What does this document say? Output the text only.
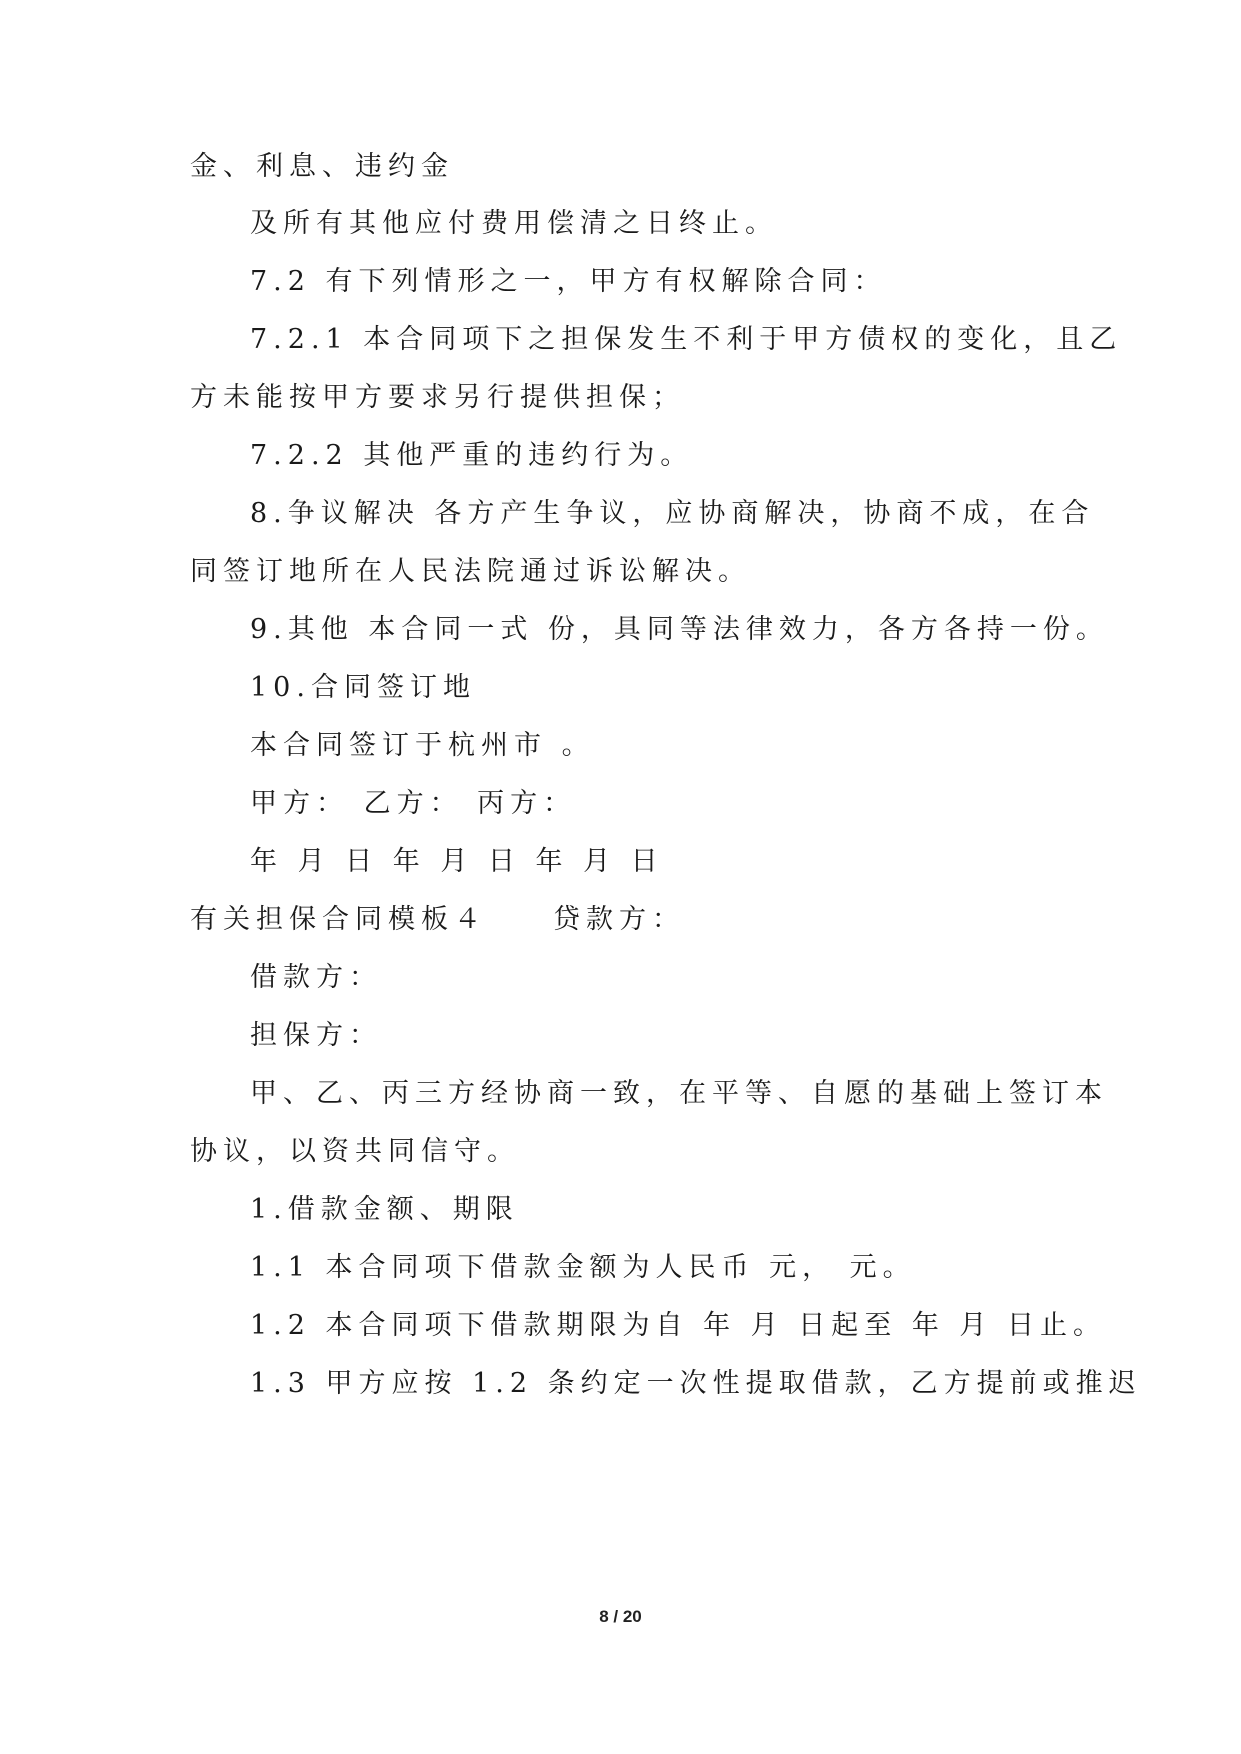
金、利息、违约金
及所有其他应付费用偿清之日终止。
7.2 有下列情形之一，甲方有权解除合同：
7.2.1 本合同项下之担保发生不利于甲方债权的变化，且乙
方未能按甲方要求另行提供担保；
7.2.2 其他严重的违约行为。
8.争议解决 各方产生争议，应协商解决，协商不成，在合
同签订地所在人民法院通过诉讼解决。
9.其他 本合同一式 份，具同等法律效力，各方各持一份。
10.合同签订地
本合同签订于杭州市 。
甲方： 乙方： 丙方：
年 月 日 年 月 日 年 月 日
有关担保合同模板４　　贷款方：
借款方：
担保方：
甲、乙、丙三方经协商一致，在平等、自愿的基础上签订本
协议，以资共同信守。
1.借款金额、期限
1.1 本合同项下借款金额为人民币 元， 元。
1.2 本合同项下借款期限为自 年 月 日起至 年 月 日止。
1.3 甲方应按 1.2 条约定一次性提取借款，乙方提前或推迟
8 / 20
